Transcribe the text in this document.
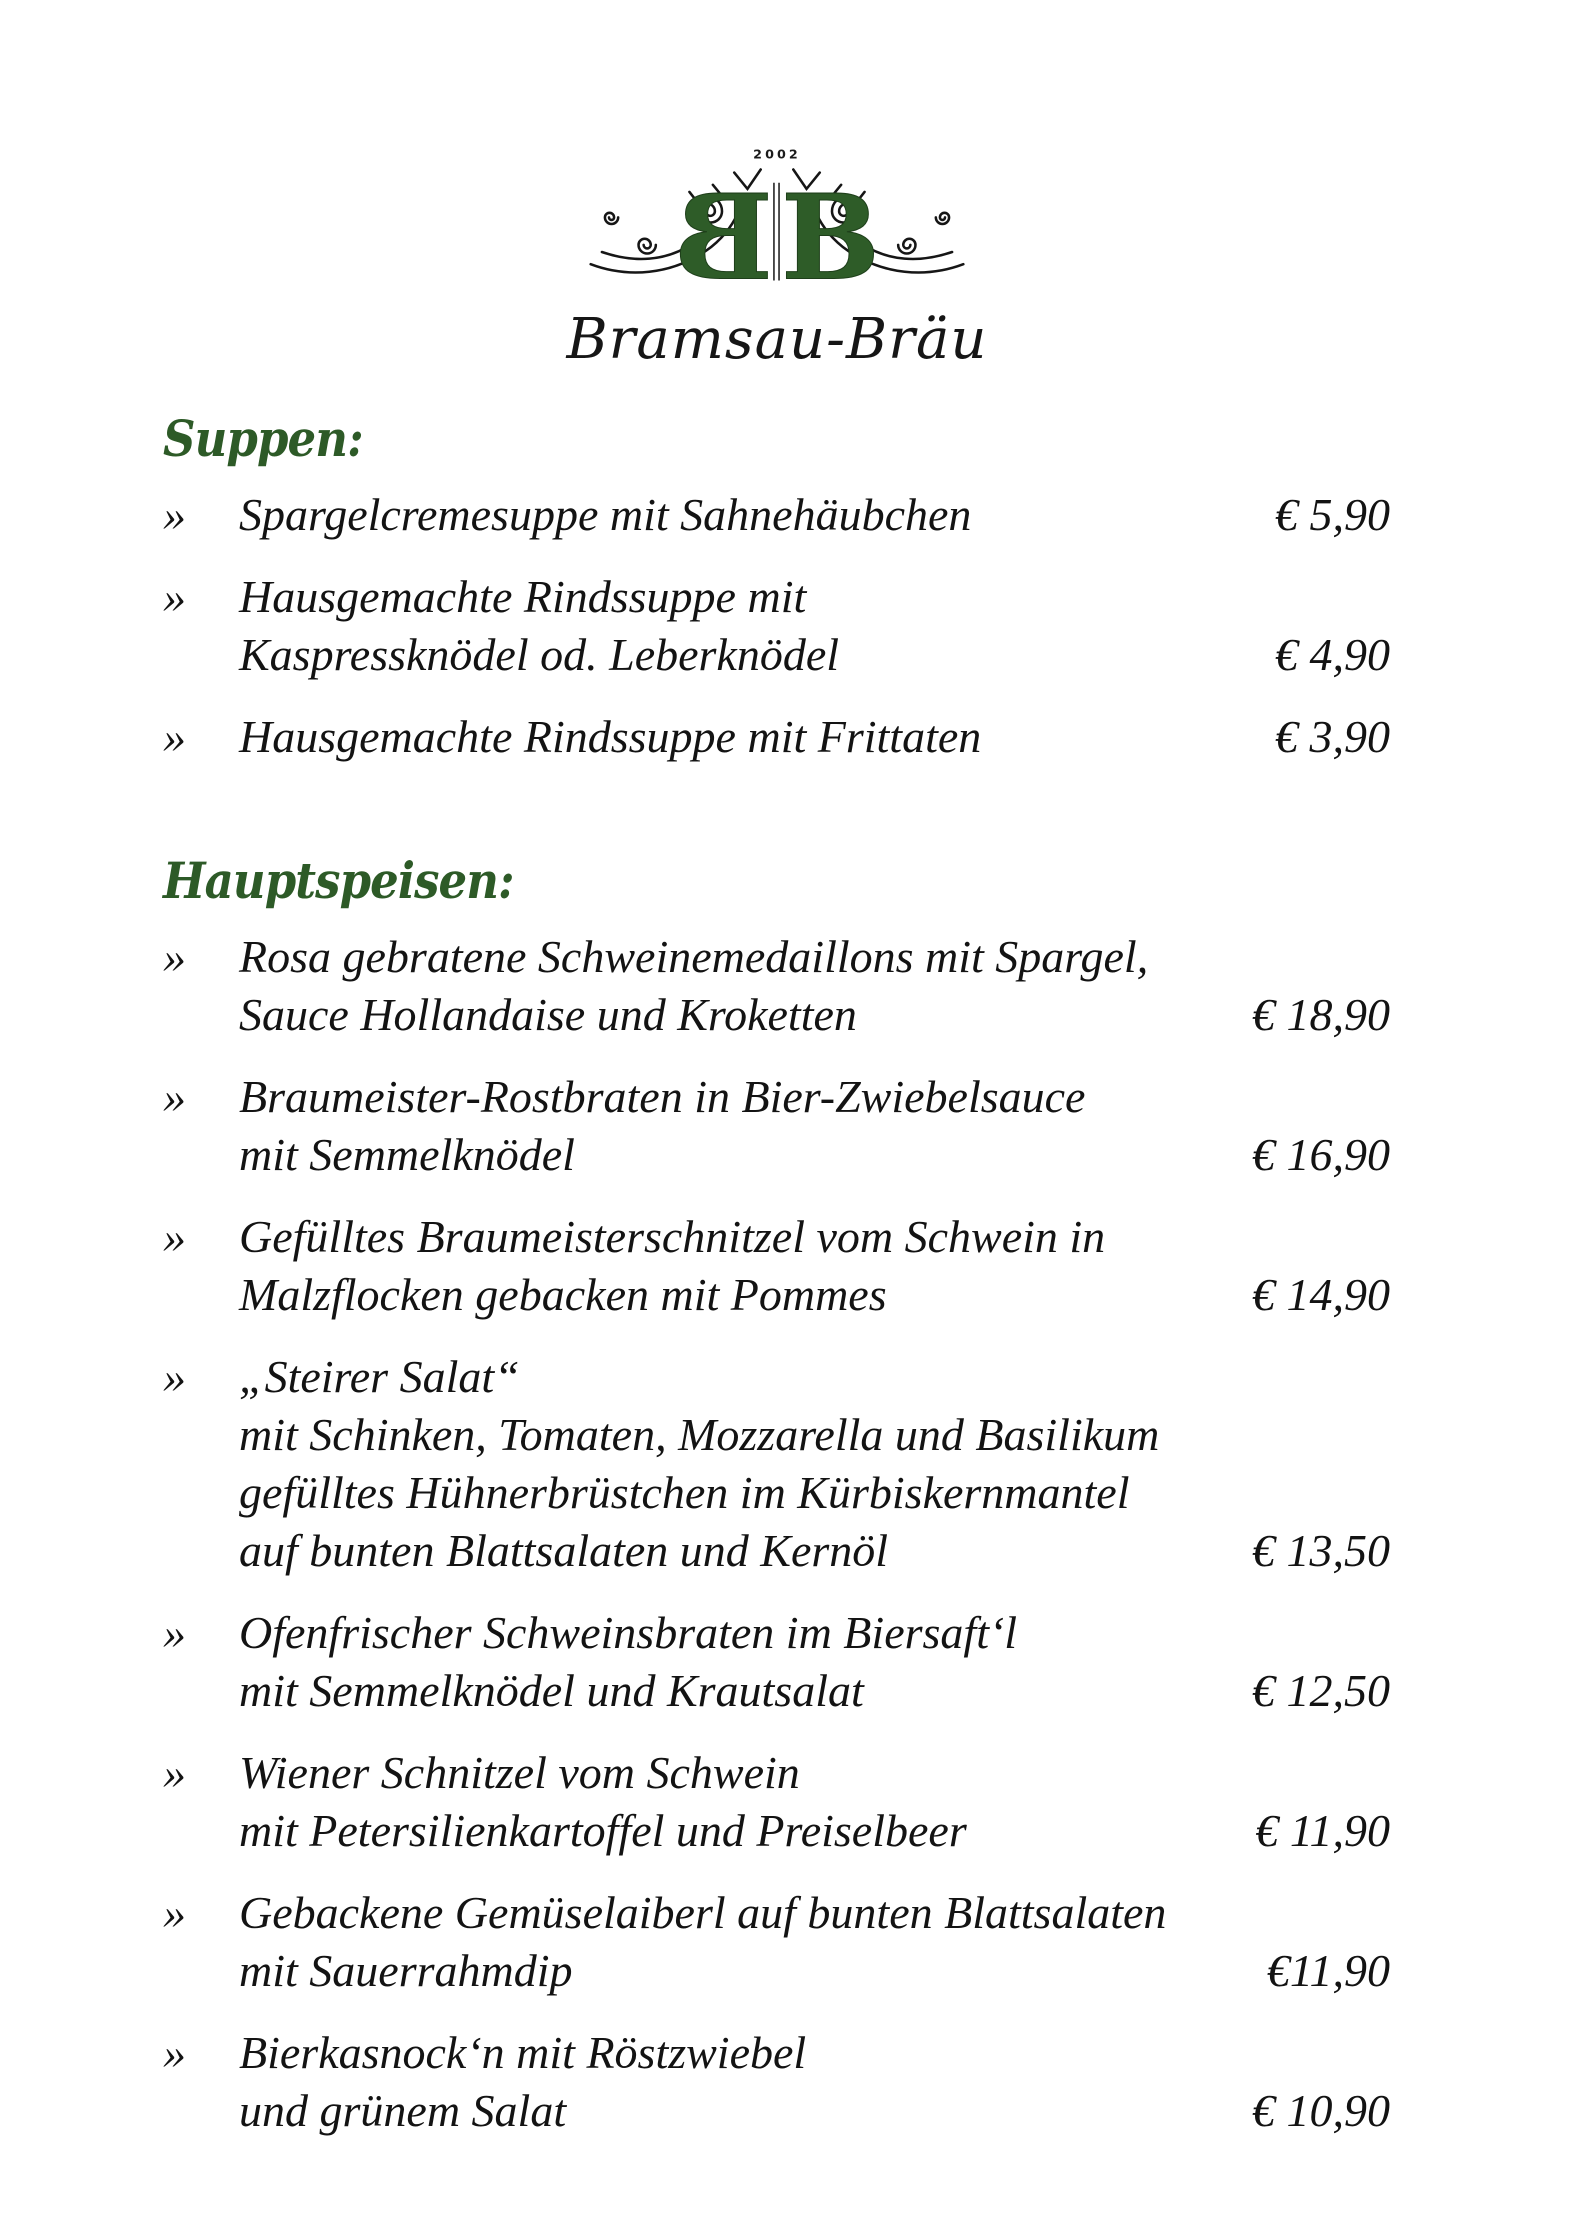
2002
B B
Bramsau-Bräu
Suppen:
»	Spargelcremesuppe mit Sahnehäubchen	€ 5,90
»	Hausgemachte Rindssuppe mit
Kaspressknödel od. Leberknödel	€ 4,90
»	Hausgemachte Rindssuppe mit Frittaten	€ 3,90
Hauptspeisen:
»	Rosa gebratene Schweinemedaillons mit Spargel,
Sauce Hollandaise und Kroketten	€ 18,90
»	Braumeister-Rostbraten in Bier-Zwiebelsauce
mit Semmelknödel	€ 16,90
»	Gefülltes Braumeisterschnitzel vom Schwein in
Malzflocken gebacken mit Pommes	€ 14,90
»	„Steirer Salat“
mit Schinken, Tomaten, Mozzarella und Basilikum
gefülltes Hühnerbrüstchen im Kürbiskernmantel
auf bunten Blattsalaten und Kernöl	€ 13,50
»	Ofenfrischer Schweinsbraten im Biersaft‘l
mit Semmelknödel und Krautsalat	€ 12,50
»	Wiener Schnitzel vom Schwein
mit Petersilienkartoffel und Preiselbeer	€ 11,90
»	Gebackene Gemüselaiberl auf bunten Blattsalaten
mit Sauerrahmdip	€11,90
»	Bierkasnock‘n mit Röstzwiebel
und grünem Salat	€ 10,90
